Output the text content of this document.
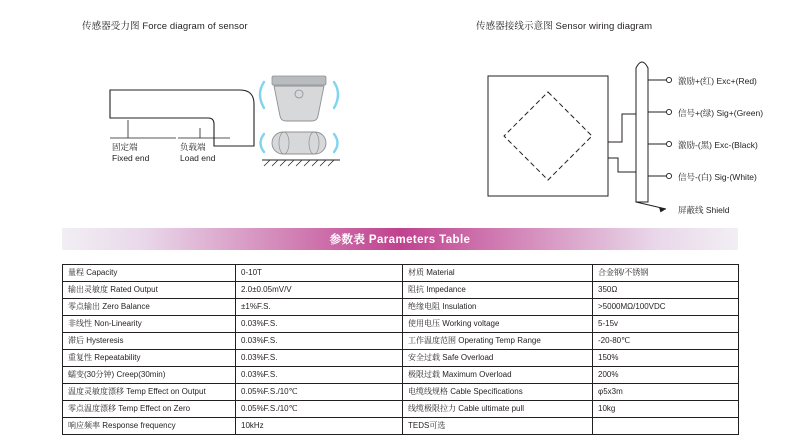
传感器受力图 Force diagram of sensor	传感器接线示意图 Sensor wiring diagram
固定端
Fixed end
负载端
Load end
激励+(红) Exc+(Red)
信号+(绿) Sig+(Green)
激励-(黑) Exc-(Black)
信号-(白) Sig-(White)
屏蔽线 Shield
参数表 Parameters Table
量程 Capacity	0-10T	材质 Material	合金钢/不锈钢
输出灵敏度 Rated Output	2.0±0.05mV/V	阻抗 Impedance	350Ω
零点输出 Zero Balance	±1%F.S.	绝缘电阻 Insulation	>5000MΩ/100VDC
非线性 Non-Linearity	0.03%F.S.	使用电压 Working voltage	5-15v
滞后 Hysteresis	0.03%F.S.	工作温度范围 Operating Temp Range	-20-80℃
重复性 Repeatability	0.03%F.S.	安全过载 Safe Overload	150%
蠕变(30分钟) Creep(30min)	0.03%F.S.	极限过载 Maximum Overload	200%
温度灵敏度漂移 Temp Effect on Output	0.05%F.S./10℃	电缆线规格 Cable Specifications	φ5x3m
零点温度漂移 Temp Effect on Zero	0.05%F.S./10℃	线缆极限拉力 Cable ultimate pull	10kg
响应频率 Response frequency	10kHz	TEDS可选	
